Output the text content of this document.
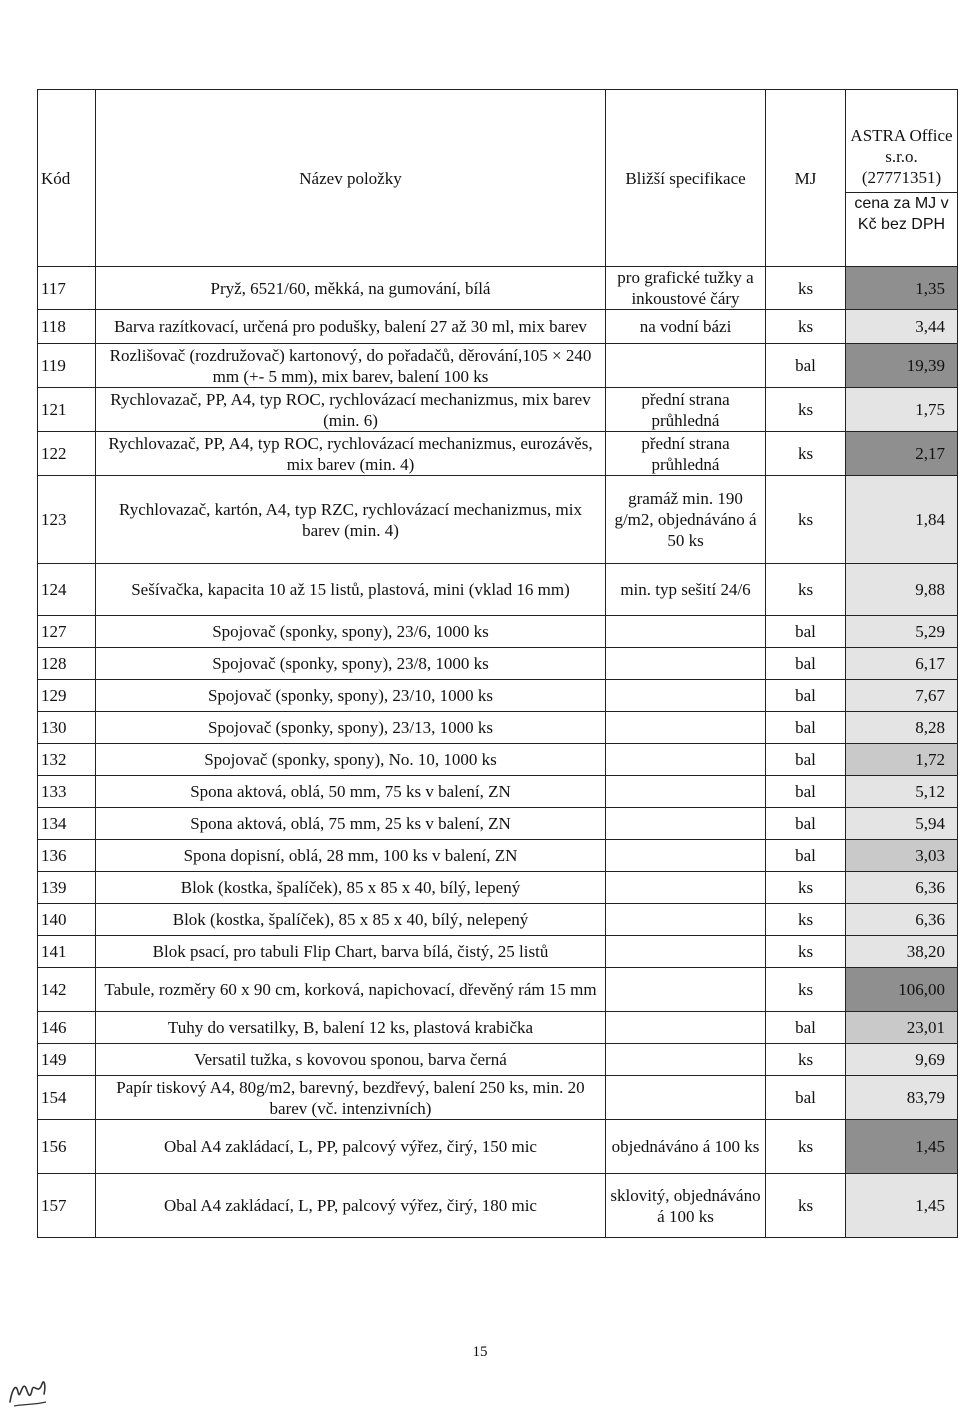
Kód	Název položky	Bližší specifikace	MJ	ASTRA Office s.r.o. (27771351)
cena za MJ v Kč bez DPH

117	Pryž, 6521/60, měkká, na gumování, bílá	pro grafické tužky a inkoustové čáry	ks	1,35
118	Barva razítkovací, určená pro podušky, balení 27 až 30 ml, mix barev	na vodní bázi	ks	3,44
119	Rozlišovač (rozdružovač) kartonový, do pořadačů, děrování,105 × 240 mm (+- 5 mm), mix barev, balení 100 ks		bal	19,39
121	Rychlovazač, PP, A4, typ ROC, rychlovázací mechanizmus, mix barev (min. 6)	přední strana průhledná	ks	1,75
122	Rychlovazač, PP, A4, typ ROC, rychlovázací mechanizmus, eurozávěs, mix barev (min. 4)	přední strana průhledná	ks	2,17
123	Rychlovazač, kartón, A4, typ RZC, rychlovázací mechanizmus, mix barev (min. 4)	gramáž min. 190 g/m2, objednáváno á 50 ks	ks	1,84
124	Sešívačka, kapacita 10 až 15 listů, plastová, mini (vklad 16 mm)	min. typ sešití 24/6	ks	9,88
127	Spojovač (sponky, spony), 23/6, 1000 ks		bal	5,29
128	Spojovač (sponky, spony), 23/8, 1000 ks		bal	6,17
129	Spojovač (sponky, spony), 23/10, 1000 ks		bal	7,67
130	Spojovač (sponky, spony), 23/13, 1000 ks		bal	8,28
132	Spojovač (sponky, spony), No. 10, 1000 ks		bal	1,72
133	Spona aktová, oblá, 50 mm, 75 ks v balení, ZN		bal	5,12
134	Spona aktová, oblá, 75 mm, 25 ks v balení, ZN		bal	5,94
136	Spona dopisní, oblá, 28 mm, 100 ks v balení, ZN		bal	3,03
139	Blok (kostka, špalíček), 85 x 85 x 40, bílý, lepený		ks	6,36
140	Blok (kostka, špalíček), 85 x 85 x 40, bílý, nelepený		ks	6,36
141	Blok psací, pro tabuli Flip Chart, barva bílá, čistý, 25 listů		ks	38,20
142	Tabule, rozměry 60 x 90 cm, korková, napichovací, dřevěný rám 15 mm		ks	106,00
146	Tuhy do versatilky, B, balení 12 ks, plastová krabička		bal	23,01
149	Versatil tužka, s kovovou sponou, barva černá		ks	9,69
154	Papír tiskový A4, 80g/m2, barevný, bezdřevý, balení 250 ks, min. 20 barev (vč. intenzivních)		bal	83,79
156	Obal A4 zakládací, L, PP, palcový výřez, čirý, 150 mic	objednáváno á 100 ks	ks	1,45
157	Obal A4 zakládací, L, PP, palcový výřez, čirý, 180 mic	sklovitý, objednáváno á 100 ks	ks	1,45
15
